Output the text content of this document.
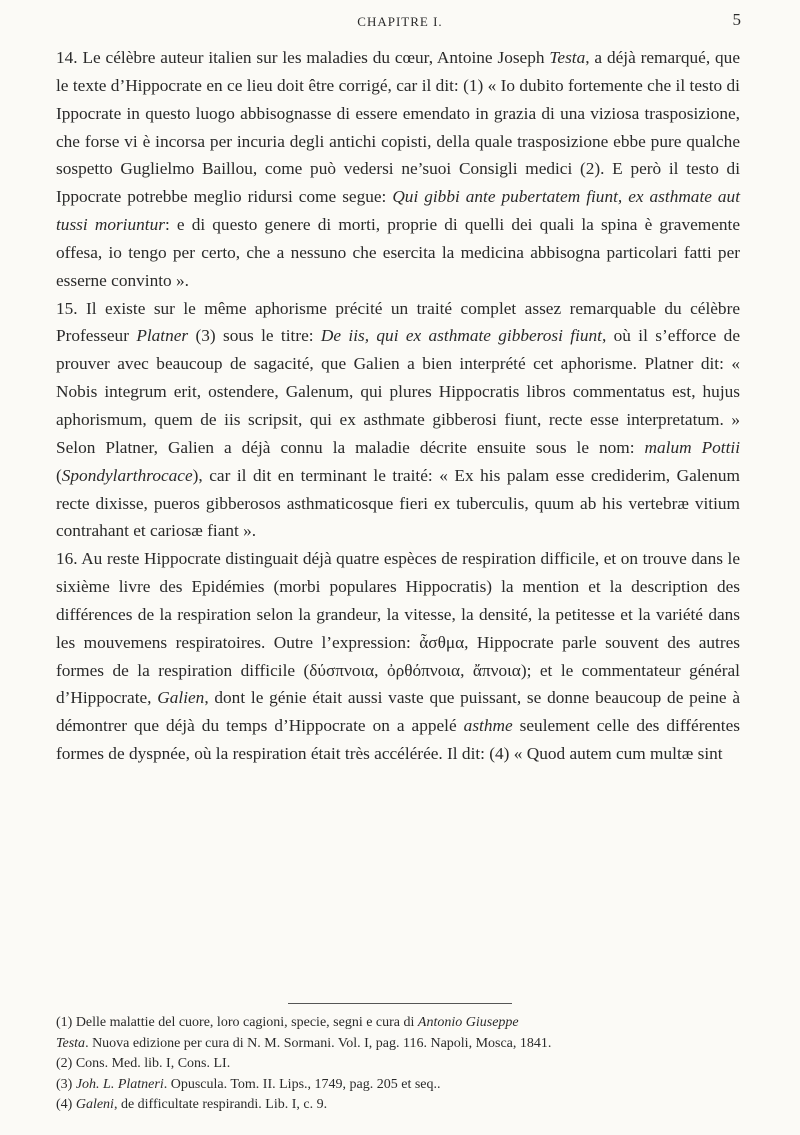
CHAPITRE I.	5

14. Le célèbre auteur italien sur les maladies du cœur, Antoine Joseph Testa, a déjà remarqué, que le texte d’Hippocrate en ce lieu doit être corrigé, car il dit: (1) « Io dubito fortemente che il testo di Ippocrate in questo luogo abbisognasse di essere emendato in grazia di una viziosa trasposizione, che forse vi è incorsa per incuria degli antichi copisti, della quale trasposizione ebbe pure qualche sospetto Guglielmo Baillou, come può vedersi ne’suoi Consigli medici (2). E però il testo di Ippocrate potrebbe meglio ridursi come segue: Qui gibbi ante pubertatem fiunt, ex asthmate aut tussi moriuntur: e di questo genere di morti, proprie di quelli dei quali la spina è gravemente offesa, io tengo per certo, che a nessuno che esercita la medicina abbisogna particolari fatti per esserne convinto ».

15. Il existe sur le même aphorisme précité un traité complet assez remarquable du célèbre Professeur Platner (3) sous le titre: De iis, qui ex asthmate gibberosi fiunt, où il s’efforce de prouver avec beaucoup de sagacité, que Galien a bien interprété cet aphorisme. Platner dit: « Nobis integrum erit, ostendere, Galenum, qui plures Hippocratis libros commentatus est, hujus aphorismum, quem de iis scripsit, qui ex asthmate gibberosi fiunt, recte esse interpretatum. » Selon Platner, Galien a déjà connu la maladie décrite ensuite sous le nom: malum Pottii (Spondylarthrocace), car il dit en terminant le traité: « Ex his palam esse crediderim, Galenum recte dixisse, pueros gibberosos asthmaticosque fieri ex tuberculis, quum ab his vertebræ vitium contrahant et cariosæ fiant ».

16. Au reste Hippocrate distinguait déjà quatre espèces de respiration difficile, et on trouve dans le sixième livre des Epidémies (morbi populares Hippocratis) la mention et la description des différences de la respiration selon la grandeur, la vitesse, la densité, la petitesse et la variété dans les mouvemens respiratoires. Outre l’expression: ἆσθμα, Hippocrate parle souvent des autres formes de la respiration difficile (δύσπνοια, ὀρθόπνοια, ἄπνοια); et le commentateur général d’Hippocrate, Galien, dont le génie était aussi vaste que puissant, se donne beaucoup de peine à démontrer que déjà du temps d’Hippocrate on a appelé asthme seulement celle des différentes formes de dyspnée, où la respiration était très accélérée. Il dit: (4) « Quod autem cum multæ sint

(1) Delle malattie del cuore, loro cagioni, specie, segni e cura di Antonio Giuseppe

Testa. Nuova edizione per cura di N. M. Sormani. Vol. I, pag. 116. Napoli, Mosca, 1841.

(2) Cons. Med. lib. I, Cons. LI.

(3) Joh. L. Platneri. Opuscula. Tom. II. Lips., 1749, pag. 205 et seq..

(4) Galeni, de difficultate respirandi. Lib. I, c. 9.
